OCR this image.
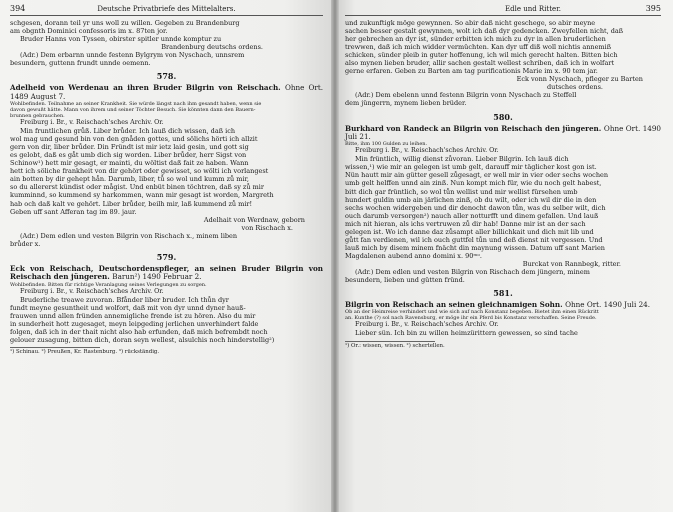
394	Deutsche Privatbriefe des Mittelalters.

schgesen, dorann teil yr uns woll zu willen. Gegeben zu Brandenburg

am obgnth Dominici confessoris im x. 87ten jor.

Bruder Hanns von Tyssen, obirster spitler unnde komptur zu

Brandenburg deutschs ordens.

(Adr.) Dem erbarnn unnde festenn Bylgrym von Nyschach, unnsrem

besundern, guttenn frundt unnde oemenn.

578.

Adelheid von Werdenau an ihren Bruder Bilgrin von Reischach. Ohne Ort. 1489 August 7.

Wohlbefinden. Teilnahme an seiner Krankheit. Sie würde längst nach ihm gesandt haben, wenn sie

davon gewußt hätte. Mann von ihrem und seiner Töchter Besuch. Sie könnten dann den Bauern-

brunnen gebrauchen.

Freiburg i. Br., v. Reischach'sches Archiv. Or.

Min fruntlichen grůß. Liber brůder. Ich lauß dich wissen, daß ich

wol mag und gesund bin von den gnåden gottes, und sölichs hörti ich allzit

gern von dir, liber brůder. Din Fründt ist mir ietz laid gesin, und gott sig

es gelobt, daß es gåt umb dich sig worden. Liber brůder, herr Sigst von

Schinow¹) hett mir gesagt, er mainti, du wöltist daß fait ze haben. Wann

hett ich söliche frankheit von dir gehört oder gewisset, so wölti ich vorlangest

ain botten by dir gehept hån. Darumb, liber, tů so wol und kumm zů mir,

so du allererst kündist oder mågist. Und enbüt binen töchtren, daß sy zů mir

kumminnd, so kummend sy harkommen, wann mir gesagt ist worden, Margreth

hab och daß kalt ve gehört. Liber brůder, beilh mir, laß kummend zů mir!

Geben uff sant Afferan tag im 89. jaur.

Adelhait von Werdnaw, geborn

von Rischach x.

(Adr.) Dem edlen und vesten Bilgrin von Rischach x., minem liben

brůder x.

579.

Eck von Reischach, Deutschordenspfleger, an seinen Bruder Bilgrin von Reischach den jüngeren. Barun²) 1490 Februar 2.

Wohlbefinden. Bitten für richtige Veranlagung seines Verlegungen zu sorgen.

Freiburg i. Br., v. Reischach'sches Archiv. Or.

Bruderliche treawe zuvoran. Bfånder liber bruder. Ich thůn dyr

fundt meyne gesuntheit und wolfort, daß mit von dyr unnd dyner hauß-

frauwen unnd allen fründen annemigliche frende ist zu hören. Also du mir

in sunderheit hott zugesaget, meyn leipgeding jerlichen unverhindert falde

folgen, daß ich in der thait nicht also hab erfunden, daß mich befrembdt noch

gelouer zusagung, bitten dich, doran seyn wellest, alsulchis noch hinderstellig²)

¹) Schinau. ²) Preußen, Kr. Rastenburg. ³) rückständig.

Edle und Ritter.	395

und zukunftigk möge gewynnen. So abir daß nicht geschege, so abir meyne

sachen besser gestalt gewynnen, wolt ich daß dyr gedencken. Zweyfellen nicht, daß

her gebrechen an dyr ist, sünder erbitten ich mich zu dyr in allen bruderlichen

trewwen, daß ich mich widder vermüchten. Kan dyr uff diß woll nichtis annemiß

schicken, sünder pleib in guter hoffenung, ich wil mich gerecht halten. Bitten bich

also mynen lieben bruder, allir sachen gestalt wellest schriben, daß ich in wolfart

gerne erfaren. Geben zu Barten am tag purificationis Marie im x. 90 tem jar.

Eck vonn Nyschach, pfleger zu Barten

dutsches ordens.

(Adr.) Dem ebelenn unnd festenn Bilgrin vonn Nyschach zu Steffell

dem jüngerrn, mynem lieben brüder.

580.

Burkhard von Randeck an Bilgrin von Reischach den jüngeren. Ohne Ort. 1490 Juli 21.

Bitte, ihm 100 Gulden zu leihen.

Freiburg i. Br., v. Reischach'sches Archiv. Or.

Min früntlich, willig dienst zůvoran. Lieber Bilgrin. Ich lauß dich

wissen,¹) wie mir an gelegen ist umb gelt, darauff mir täglicher kost gon ist.

Nün hautt mir ain gütter gesell zůgesagt, er well mir in vier oder sechs wochen

umb gelt helffen unnd ain zinß. Nun kompt mich für, wie du noch gelt habest,

bitt dich gar früntlich, so wol tůn wellist und mir wellist fürsehen umb

hundert guldin umb ain järlichen zinß, ob du wilt, oder ich wil dir die in den

sechs wochen widergeben und dir denocht dawon tůn, was du selber wilt, dich

ouch darumb versorgen²) nauch aller notturfft und dinem gefallen. Und lauß

mich nit hieran, als ichs vertruwen zů dir hab! Danne mir ist an der sach

gelegen ist. Wo ich danne daz zůsampt aller billichkait und dich mit lib und

gůtt fan verdienen, wil ich ouch guttfel tůn und deß dienst nit vergessen. Und

lauß mich by disem minem fnächt din maynung wissen. Datum uff sant Marien

Magdalenen aubend anno domini x. 90ᵐᵒ.

Burckat von Rannbegk, ritter.

(Adr.) Dem edlen und vesten Bilgrin von Rischach dem jüngern, minem

besundern, lieben und gütten fründ.

581.

Bilgrin von Reischach an seinen gleichnamigen Sohn. Ohne Ort. 1490 Juli 24.

Ob an der Heimreise verhindert und wie sich auf nach Konstanz begeben. Bietet ihm einen Rückritt

an. Kunthe (?) sol nach Ravensburg, er möge ihr ein Pferd bis Konstanz verschaffen. Seine Freude.

Freiburg i. Br., v. Reischach'sches Archiv. Or.

Lieber sün. Ich bin zu willen heimzürittern gewessen, so sind tache

¹) Or.: wissen, wissen. ²) schertellen.
